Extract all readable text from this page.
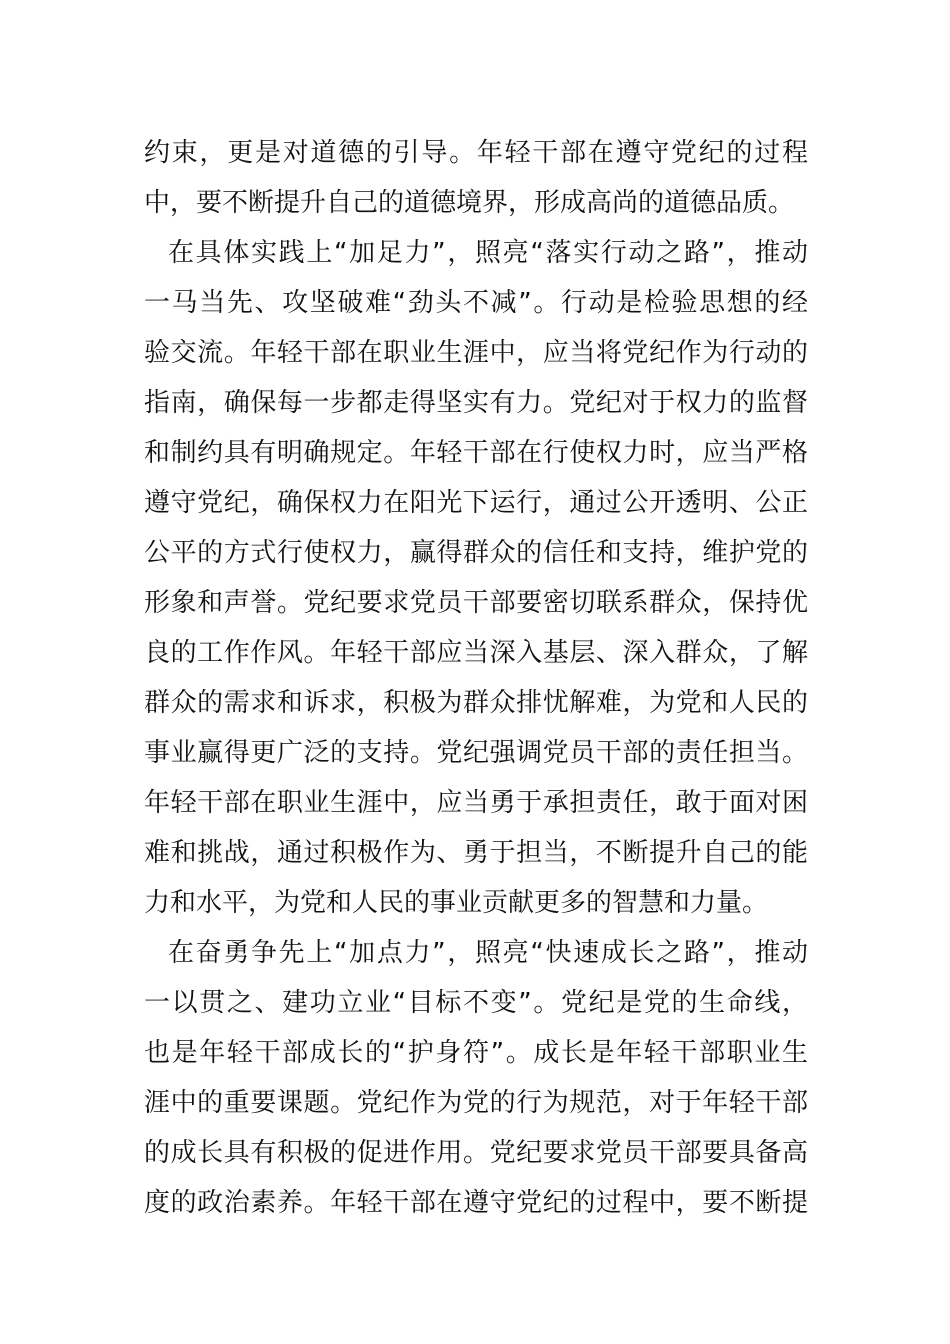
约束，更是对道德的引导。年轻干部在遵守党纪的过程
中，要不断提升自己的道德境界，形成高尚的道德品质。
在具体实践上“加足力”，照亮“落实行动之路”，推动
一马当先、攻坚破难“劲头不减”。行动是检验思想的经
验交流。年轻干部在职业生涯中，应当将党纪作为行动的
指南，确保每一步都走得坚实有力。党纪对于权力的监督
和制约具有明确规定。年轻干部在行使权力时，应当严格
遵守党纪，确保权力在阳光下运行，通过公开透明、公正
公平的方式行使权力，赢得群众的信任和支持，维护党的
形象和声誉。党纪要求党员干部要密切联系群众，保持优
良的工作作风。年轻干部应当深入基层、深入群众，了解
群众的需求和诉求，积极为群众排忧解难，为党和人民的
事业赢得更广泛的支持。党纪强调党员干部的责任担当。
年轻干部在职业生涯中，应当勇于承担责任，敢于面对困
难和挑战，通过积极作为、勇于担当，不断提升自己的能
力和水平，为党和人民的事业贡献更多的智慧和力量。
在奋勇争先上“加点力”，照亮“快速成长之路”，推动
一以贯之、建功立业“目标不变”。党纪是党的生命线，
也是年轻干部成长的“护身符”。成长是年轻干部职业生
涯中的重要课题。党纪作为党的行为规范，对于年轻干部
的成长具有积极的促进作用。党纪要求党员干部要具备高
度的政治素养。年轻干部在遵守党纪的过程中，要不断提
